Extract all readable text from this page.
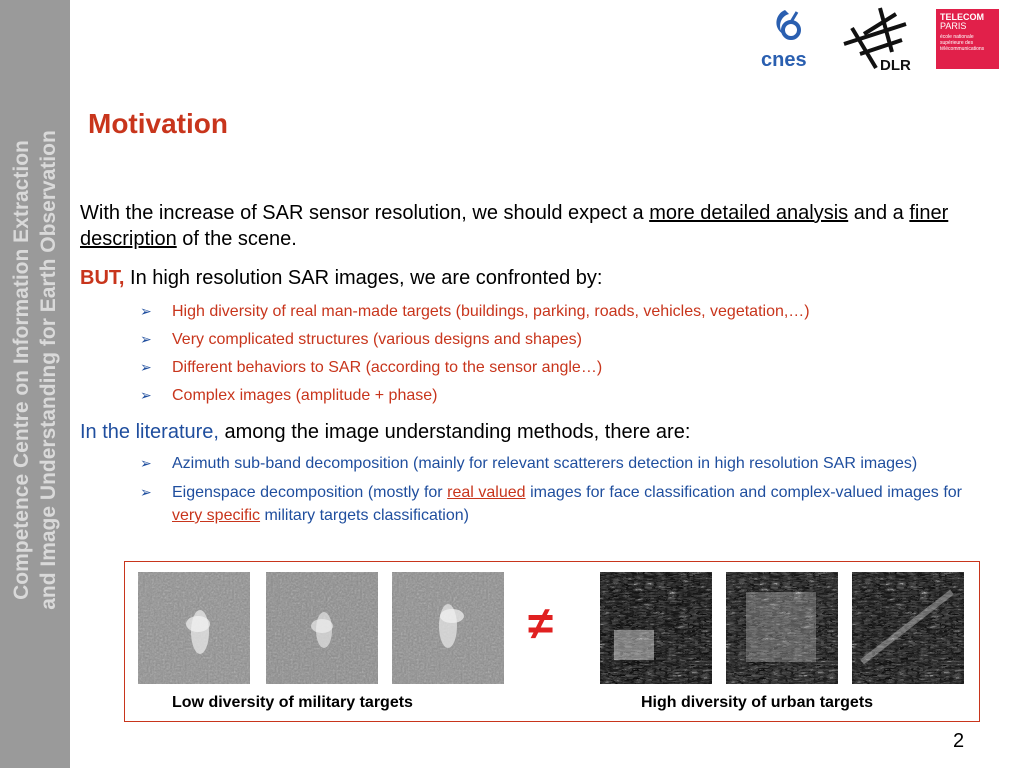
Competence Centre on Information Extraction and Image Understanding for Earth Observation
cnes	DLR
TELECOM
PARIS
école nationale supérieure des télécommunications
Motivation
With the increase of SAR sensor resolution, we should expect a more detailed analysis and a finer description of the scene.
BUT, In high resolution SAR images, we are confronted by:
➢ High diversity of real man-made targets (buildings, parking, roads, vehicles, vegetation,…)
➢ Very complicated structures (various designs and shapes)
➢ Different behaviors to SAR (according to the sensor angle…)
➢ Complex images (amplitude + phase)
In the literature, among the image understanding methods, there are:
➢ Azimuth sub-band decomposition (mainly for relevant scatterers detection in high resolution SAR images)
➢ Eigenspace decomposition (mostly for real valued images for face classification and complex-valued images for very specific military targets classification)
≠
Low diversity of military targets	High diversity of urban targets
2
